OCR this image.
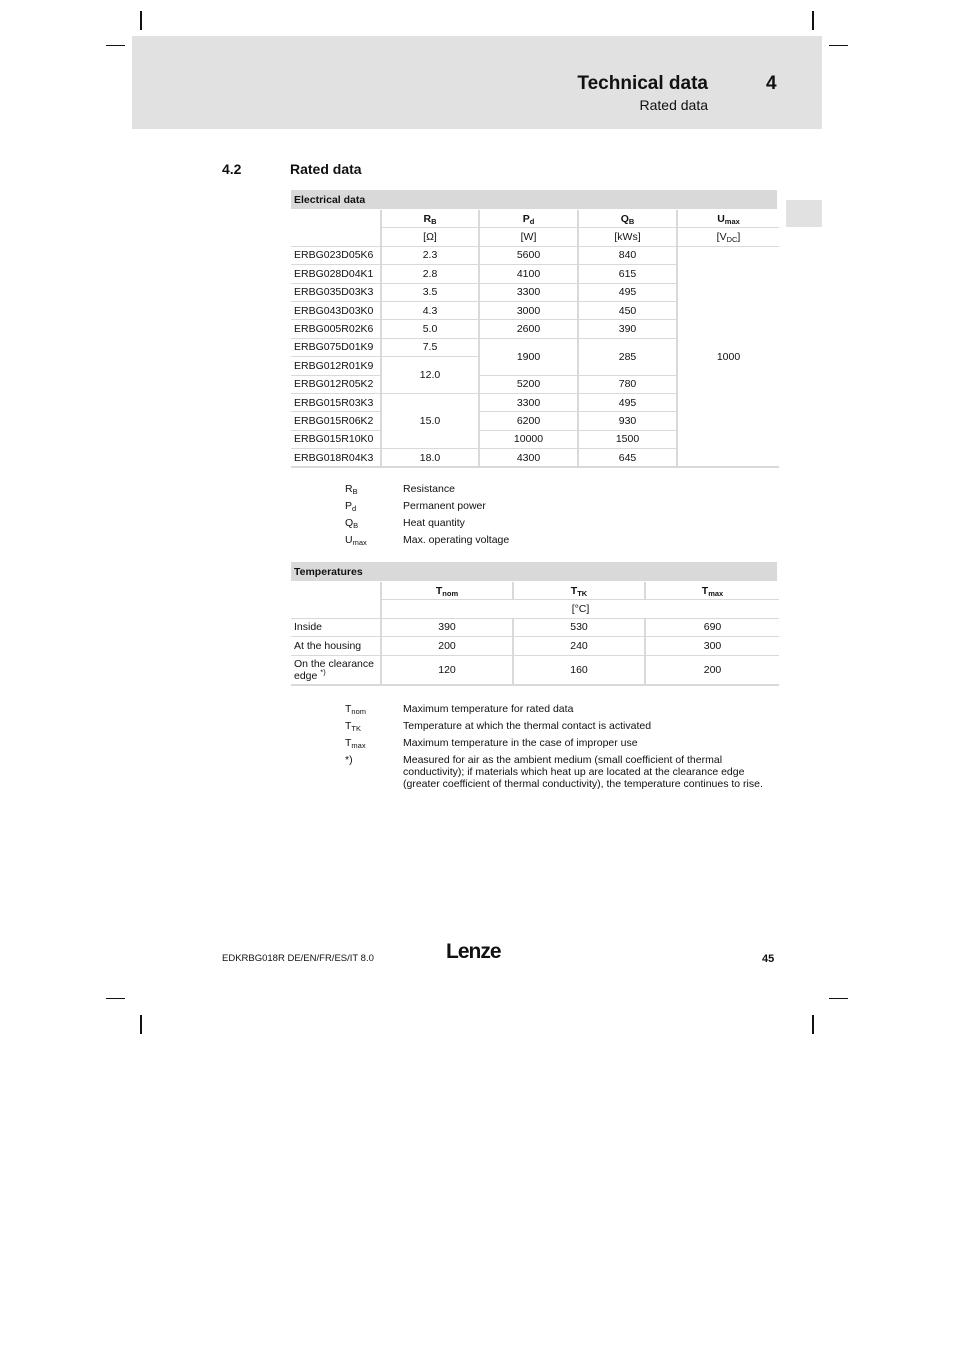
Technical data	4
Rated data
4.2	Rated data
Electrical data
	$R_B$	$P_d$	$Q_B$	$U_{max}$
	[Ω]	[W]	[kWs]	$[V_{DC}]$
ERBG023D05K6	2.3	5600	840	1000
ERBG028D04K1	2.8	4100	615	
ERBG035D03K3	3.5	3300	495	
ERBG043D03K0	4.3	3000	450	
ERBG005R02K6	5.0	2600	390	
ERBG075D01K9	7.5	1900	285	
ERBG012R01K9	12.0			
ERBG012R05K2		5200	780	
ERBG015R03K3	15.0	3300	495	
ERBG015R06K2		6200	930	
ERBG015R10K0		10000	1500	
ERBG018R04K3	18.0	4300	645	
$R_B$	Resistance
$P_d$	Permanent power
$Q_B$	Heat quantity
$U_{max}$	Max. operating voltage
Temperatures
	$T_{nom}$	$T_{TK}$	$T_{max}$
	[°C]		
Inside	390	530	690
At the housing	200	240	300
On the clearance edge *)	120	160	200
$T_{nom}$	Maximum temperature for rated data
$T_{TK}$	Temperature at which the thermal contact is activated
$T_{max}$	Maximum temperature in the case of improper use
*)	Measured for air as the ambient medium (small coefficient of thermal conductivity); if materials which heat up are located at the clearance edge (greater coefficient of thermal conductivity), the temperature continues to rise.
EDKRBG018R DE/EN/FR/ES/IT 8.0	Lenze	45
